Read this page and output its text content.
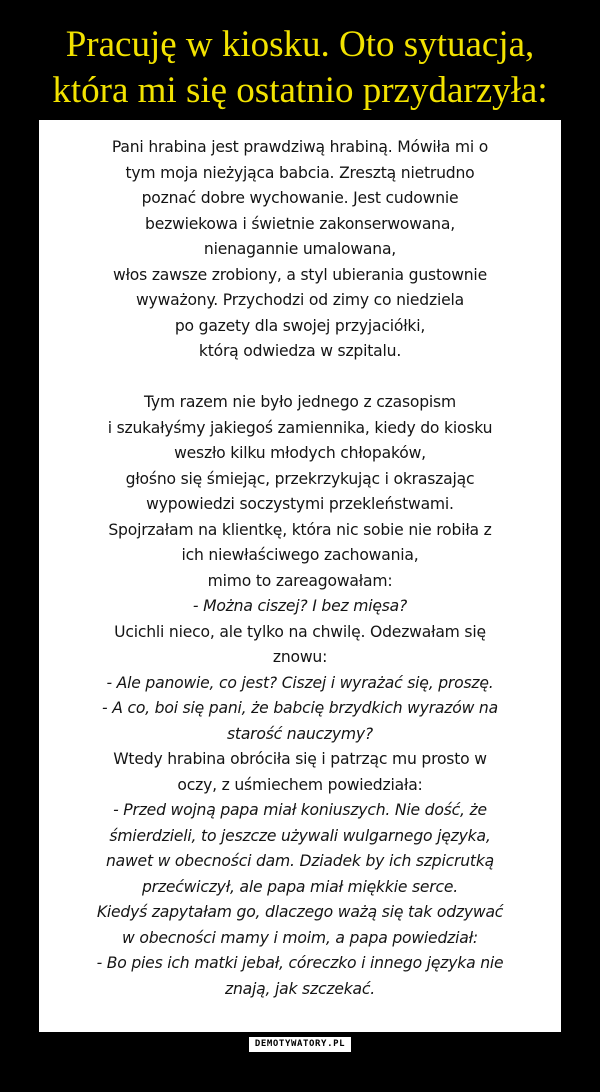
Pracuję w kiosku. Oto sytuacja,
która mi się ostatnio przydarzyła:
Pani hrabina jest prawdziwą hrabiną. Mówiła mi o
tym moja nieżyjąca babcia. Zresztą nietrudno
poznać dobre wychowanie. Jest cudownie
bezwiekowa i świetnie zakonserwowana,
nienagannie umalowana,
włos zawsze zrobiony, a styl ubierania gustownie
wyważony. Przychodzi od zimy co niedziela
po gazety dla swojej przyjaciółki,
którą odwiedza w szpitalu.
Tym razem nie było jednego z czasopism
i szukałyśmy jakiegoś zamiennika, kiedy do kiosku
weszło kilku młodych chłopaków,
głośno się śmiejąc, przekrzykując i okraszając
wypowiedzi soczystymi przekleństwami.
Spojrzałam na klientkę, która nic sobie nie robiła z
ich niewłaściwego zachowania,
mimo to zareagowałam:
- Można ciszej? I bez mięsa?
Ucichli nieco, ale tylko na chwilę. Odezwałam się
znowu:
- Ale panowie, co jest? Ciszej i wyrażać się, proszę.
- A co, boi się pani, że babcię brzydkich wyrazów na
starość nauczymy?
Wtedy hrabina obróciła się i patrząc mu prosto w
oczy, z uśmiechem powiedziała:
- Przed wojną papa miał koniuszych. Nie dość, że
śmierdzieli, to jeszcze używali wulgarnego języka,
nawet w obecności dam. Dziadek by ich szpicrutką
przećwiczył, ale papa miał miękkie serce.
Kiedyś zapytałam go, dlaczego ważą się tak odzywać
w obecności mamy i moim, a papa powiedział:
- Bo pies ich matki jebał, córeczko i innego języka nie
znają, jak szczekać.
DEMOTYWATORY.PL
